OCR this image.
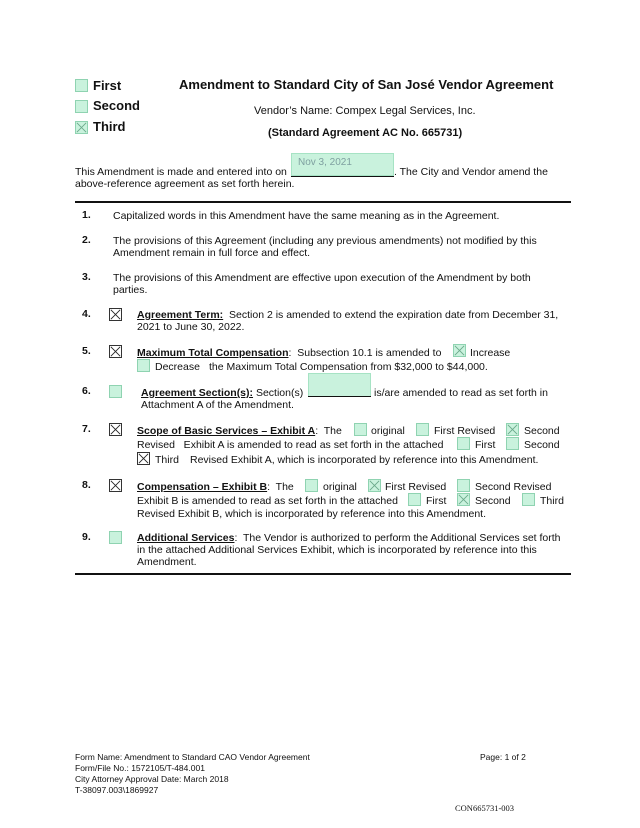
First
Second
Third
Amendment to Standard City of San José Vendor Agreement
Vendor’s Name: Compex Legal Services, Inc.
(Standard Agreement AC No. 665731)
This Amendment is made and entered into on
Nov 3, 2021
. The City and Vendor amend the
above-reference agreement as set forth herein.
1. Capitalized words in this Amendment have the same meaning as in the Agreement.
2. The provisions of this Agreement (including any previous amendments) not modified by this
Amendment remain in full force and effect.
3. The provisions of this Amendment are effective upon execution of the Amendment by both
parties.
4.	Agreement Term:  Section 2 is amended to extend the expiration date from December 31,
2021 to June 30, 2022.
5.	Maximum Total Compensation:  Subsection 10.1 is amended to	Increase
Decrease the Maximum Total Compensation from $32,000 to $44,000.
6.	Agreement Section(s): Section(s)	is/are amended to read as set forth in
Attachment A of the Amendment.
7.	Scope of Basic Services – Exhibit A:  The	original	First Revised	Second
Revised   Exhibit A is amended to read as set forth in the attached	First	Second
Third Revised Exhibit A, which is incorporated by reference into this Amendment.
8.	Compensation – Exhibit B:  The	original	First Revised	Second Revised
Exhibit B is amended to read as set forth in the attached	First	Second	Third
Revised Exhibit B, which is incorporated by reference into this Amendment.
9.	Additional Services:  The Vendor is authorized to perform the Additional Services set forth
in the attached Additional Services Exhibit, which is incorporated by reference into this
Amendment.
Form Name: Amendment to Standard CAO Vendor Agreement
Form/File No.: 1572105/T-484.001
City Attorney Approval Date: March 2018
T-38097.003\1869927
Page: 1 of 2
CON665731-003
